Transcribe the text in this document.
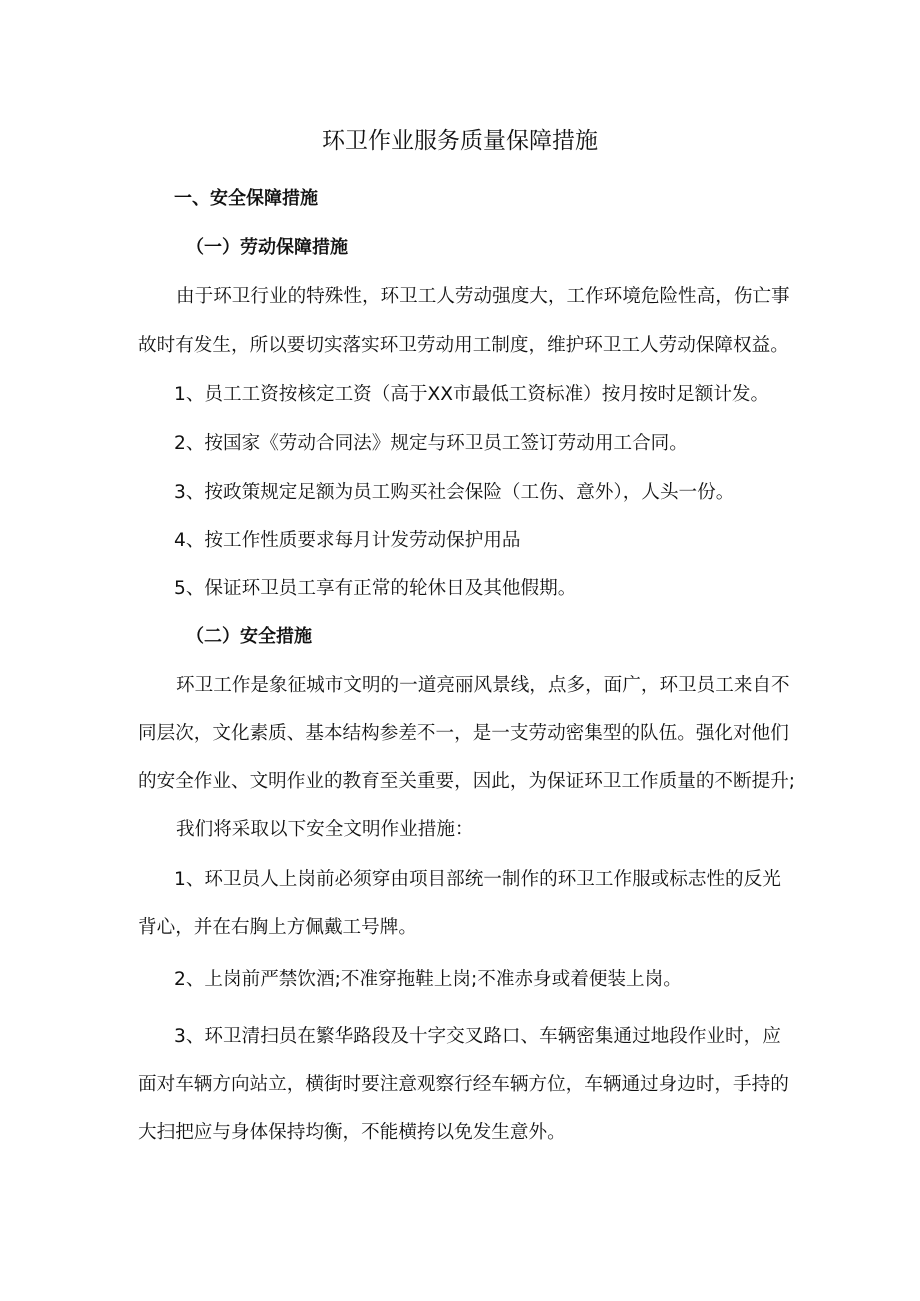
环卫作业服务质量保障措施
一、安全保障措施
（一）劳动保障措施
由于环卫行业的特殊性，环卫工人劳动强度大，工作环境危险性高，伤亡事
故时有发生，所以要切实落实环卫劳动用工制度，维护环卫工人劳动保障权益。
1、员工工资按核定工资（高于XX市最低工资标准）按月按时足额计发。
2、按国家《劳动合同法》规定与环卫员工签订劳动用工合同。
3、按政策规定足额为员工购买社会保险（工伤、意外），人头一份。
4、按工作性质要求每月计发劳动保护用品
5、保证环卫员工享有正常的轮休日及其他假期。
（二）安全措施
环卫工作是象征城市文明的一道亮丽风景线，点多，面广，环卫员工来自不
同层次，文化素质、基本结构参差不一，是一支劳动密集型的队伍。强化对他们
的安全作业、文明作业的教育至关重要，因此，为保证环卫工作质量的不断提升;
我们将采取以下安全文明作业措施：
1、环卫员人上岗前必须穿由项目部统一制作的环卫工作服或标志性的反光
背心，并在右胸上方佩戴工号牌。
2、上岗前严禁饮酒;不准穿拖鞋上岗;不准赤身或着便装上岗。
3、环卫清扫员在繁华路段及十字交叉路口、车辆密集通过地段作业时，应
面对车辆方向站立，横街时要注意观察行经车辆方位，车辆通过身边时，手持的
大扫把应与身体保持均衡，不能横挎以免发生意外。
